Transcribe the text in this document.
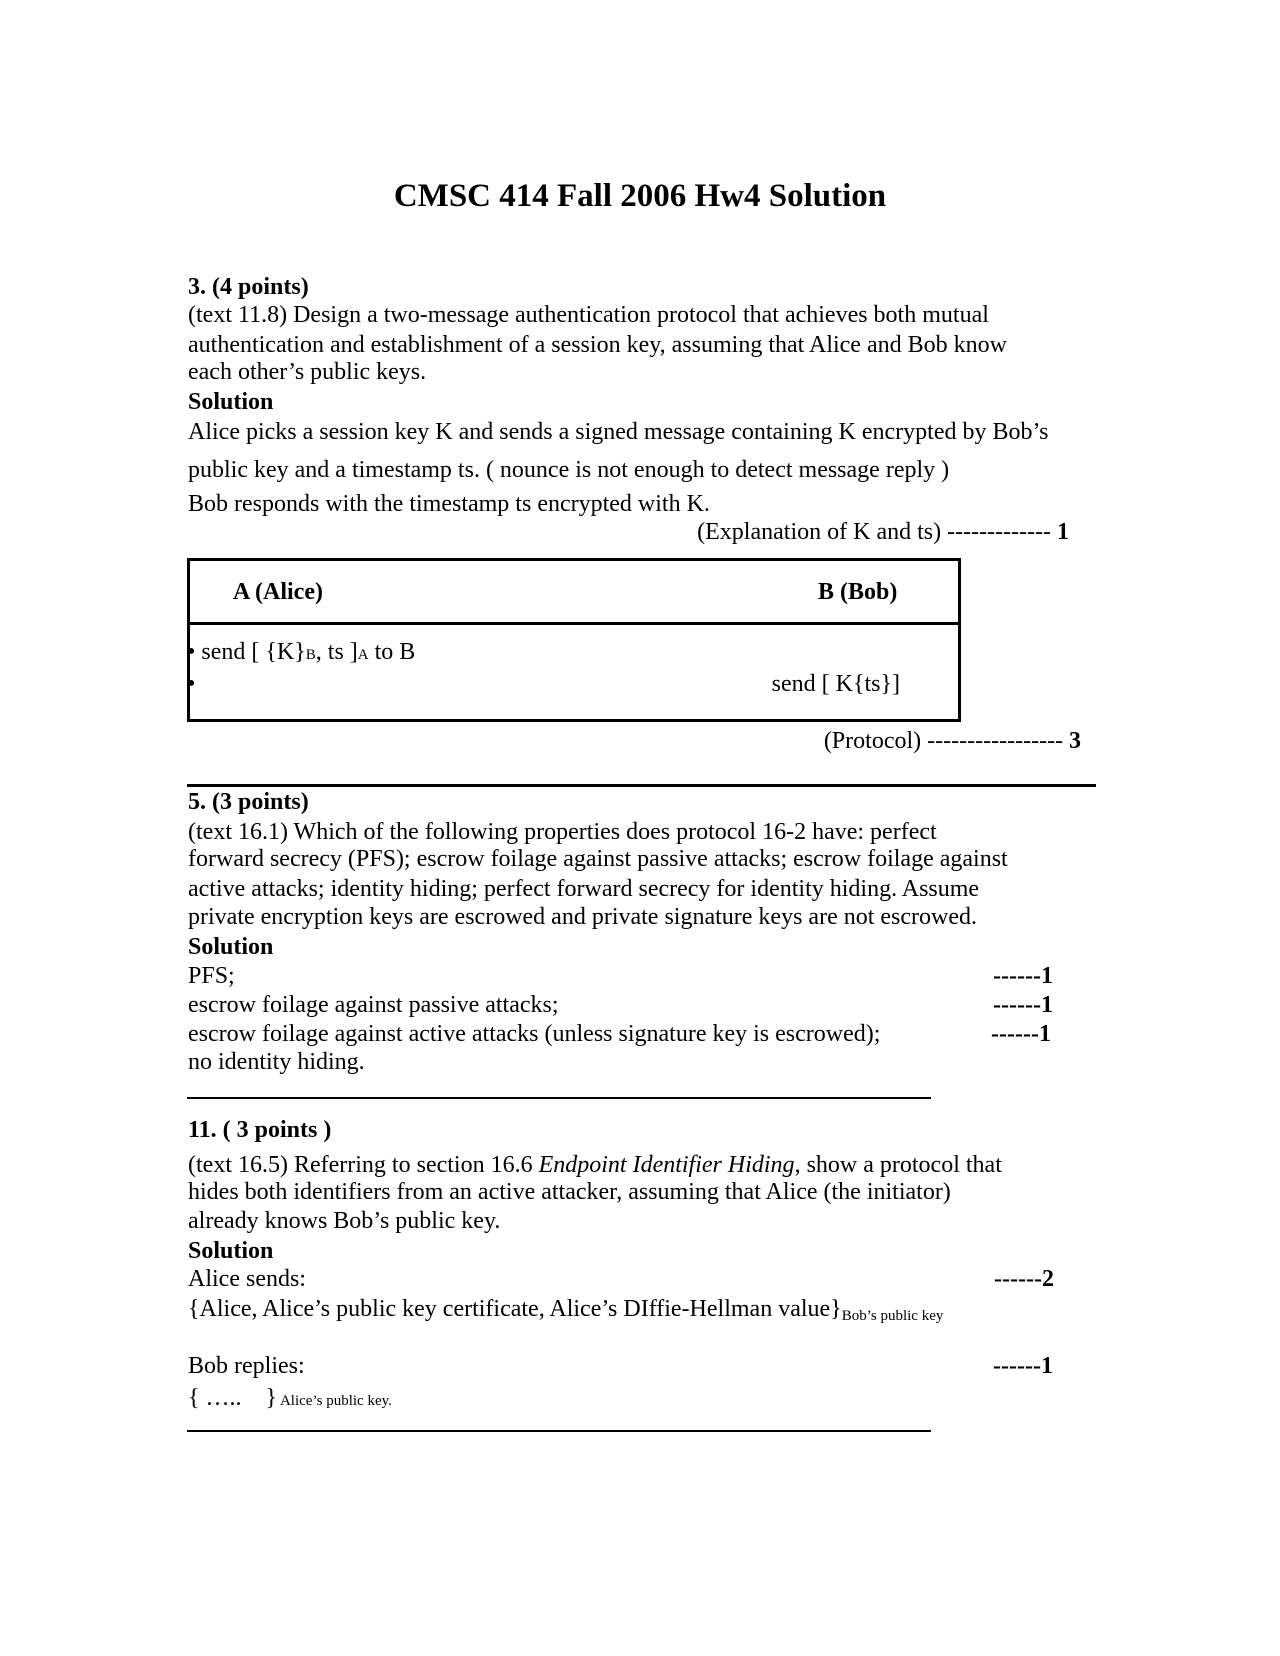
CMSC 414 Fall 2006 Hw4 Solution
3. (4 points)
(text 11.8) Design a two-message authentication protocol that achieves both mutual
authentication and establishment of a session key, assuming that Alice and Bob know
each other’s public keys.
Solution
Alice picks a session key K and sends a signed message containing K encrypted by Bob’s
public key and a timestamp ts. ( nounce is not enough to detect message reply )
Bob responds with the timestamp ts encrypted with K.
(Explanation of K and ts) ------------- 1
A (Alice)	B (Bob)
• send [ {K}B, ts ]A to B
•	send [ K{ts}]
(Protocol) ----------------- 3
5. (3 points)
(text 16.1) Which of the following properties does protocol 16-2 have: perfect
forward secrecy (PFS); escrow foilage against passive attacks; escrow foilage against
active attacks; identity hiding; perfect forward secrecy for identity hiding. Assume
private encryption keys are escrowed and private signature keys are not escrowed.
Solution
PFS;	------1
escrow foilage against passive attacks;	------1
escrow foilage against active attacks (unless signature key is escrowed);	------1
no identity hiding.
11. ( 3 points )
(text 16.5) Referring to section 16.6 Endpoint Identifier Hiding, show a protocol that
hides both identifiers from an active attacker, assuming that Alice (the initiator)
already knows Bob’s public key.
Solution
Alice sends:	------2
{Alice, Alice’s public key certificate, Alice’s DIffie-Hellman $value\}_{Bob’s public key}$
Bob replies:	------1
{ …..    } Alice’s public key.
